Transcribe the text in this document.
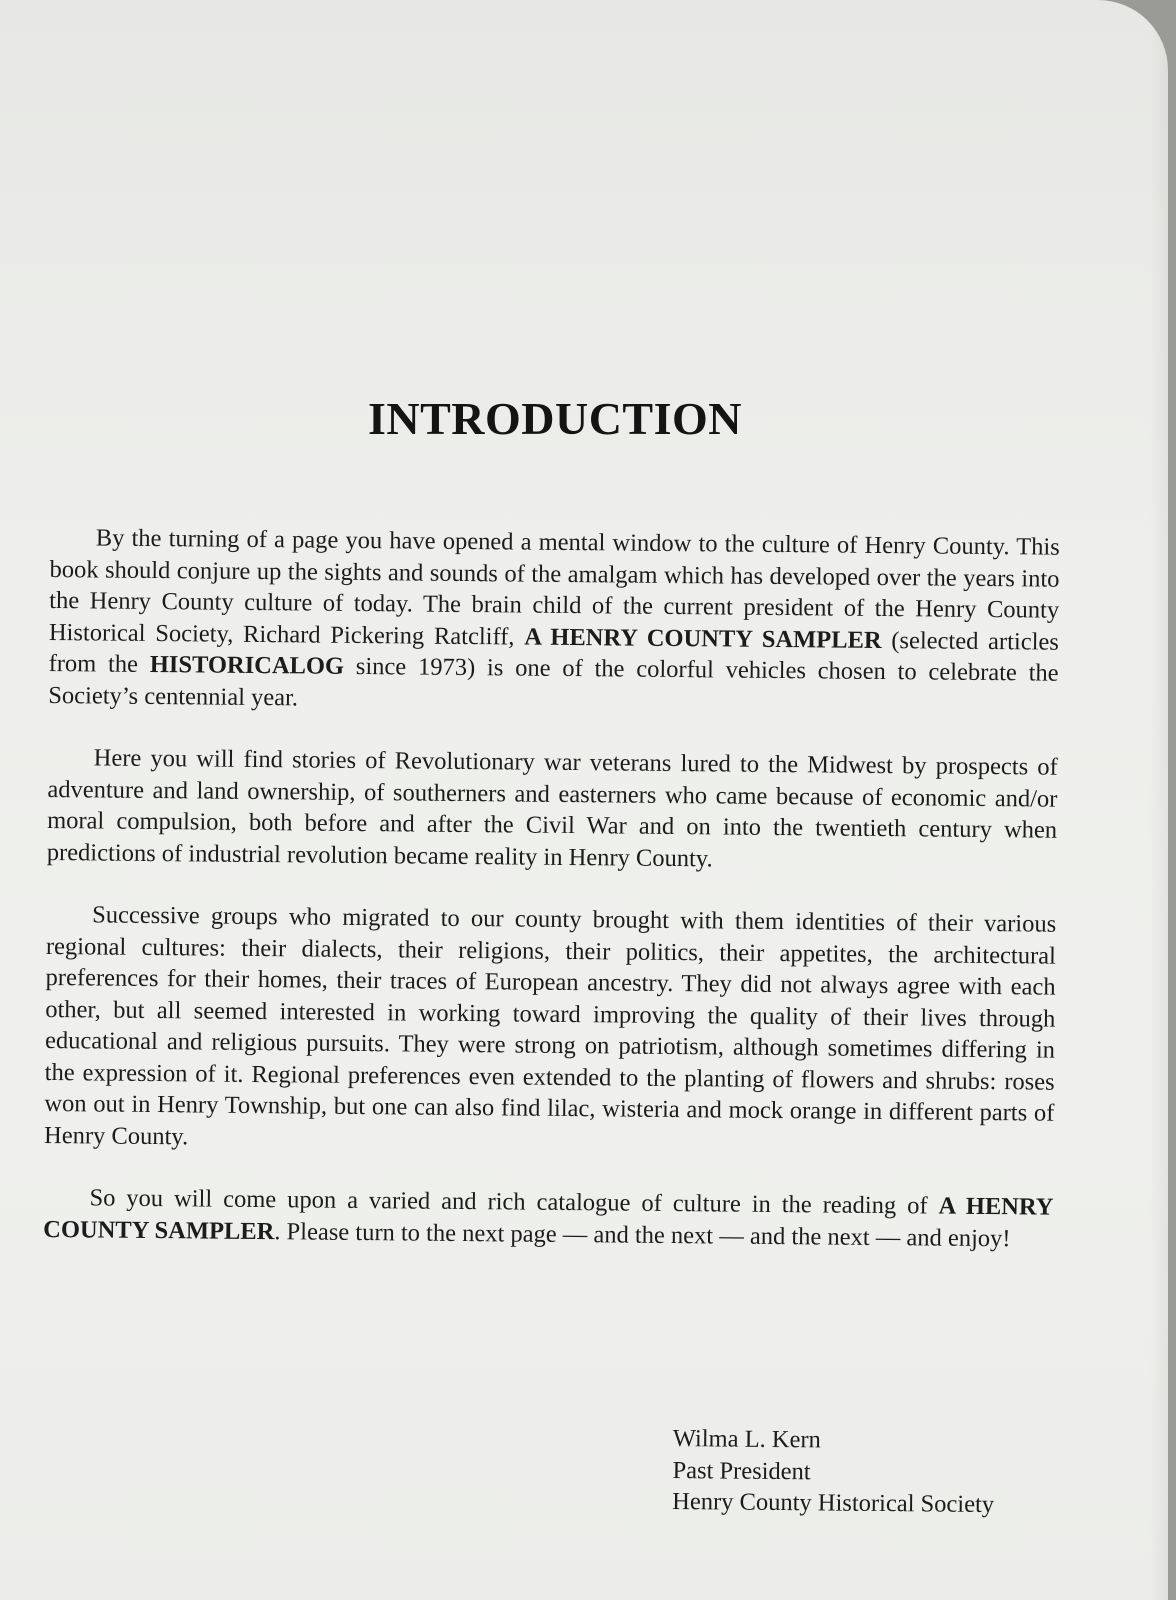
INTRODUCTION

By the turning of a page you have opened a mental window to the culture of Henry County. This book should conjure up the sights and sounds of the amalgam which has developed over the years into the Henry County culture of today. The brain child of the current president of the Henry County Historical Society, Richard Pickering Ratcliff, A HENRY COUNTY SAMPLER (selected articles from the HISTORICALOG since 1973) is one of the colorful vehicles chosen to celebrate the Society’s centennial year.

Here you will find stories of Revolutionary war veterans lured to the Midwest by prospects of adventure and land ownership, of southerners and easterners who came because of economic and/or moral compulsion, both before and after the Civil War and on into the twentieth century when predictions of industrial revolution became reality in Henry County.

Successive groups who migrated to our county brought with them identities of their various regional cultures: their dialects, their religions, their politics, their appetites, the architectural preferences for their homes, their traces of European ancestry. They did not always agree with each other, but all seemed interested in working toward improving the quality of their lives through educational and religious pursuits. They were strong on patriotism, although sometimes differing in the expression of it. Regional preferences even extended to the planting of flowers and shrubs: roses won out in Henry Township, but one can also find lilac, wisteria and mock orange in different parts of Henry County.

So you will come upon a varied and rich catalogue of culture in the reading of A HENRY COUNTY SAMPLER. Please turn to the next page — and the next — and the next — and enjoy!

Wilma L. Kern
Past President
Henry County Historical Society
